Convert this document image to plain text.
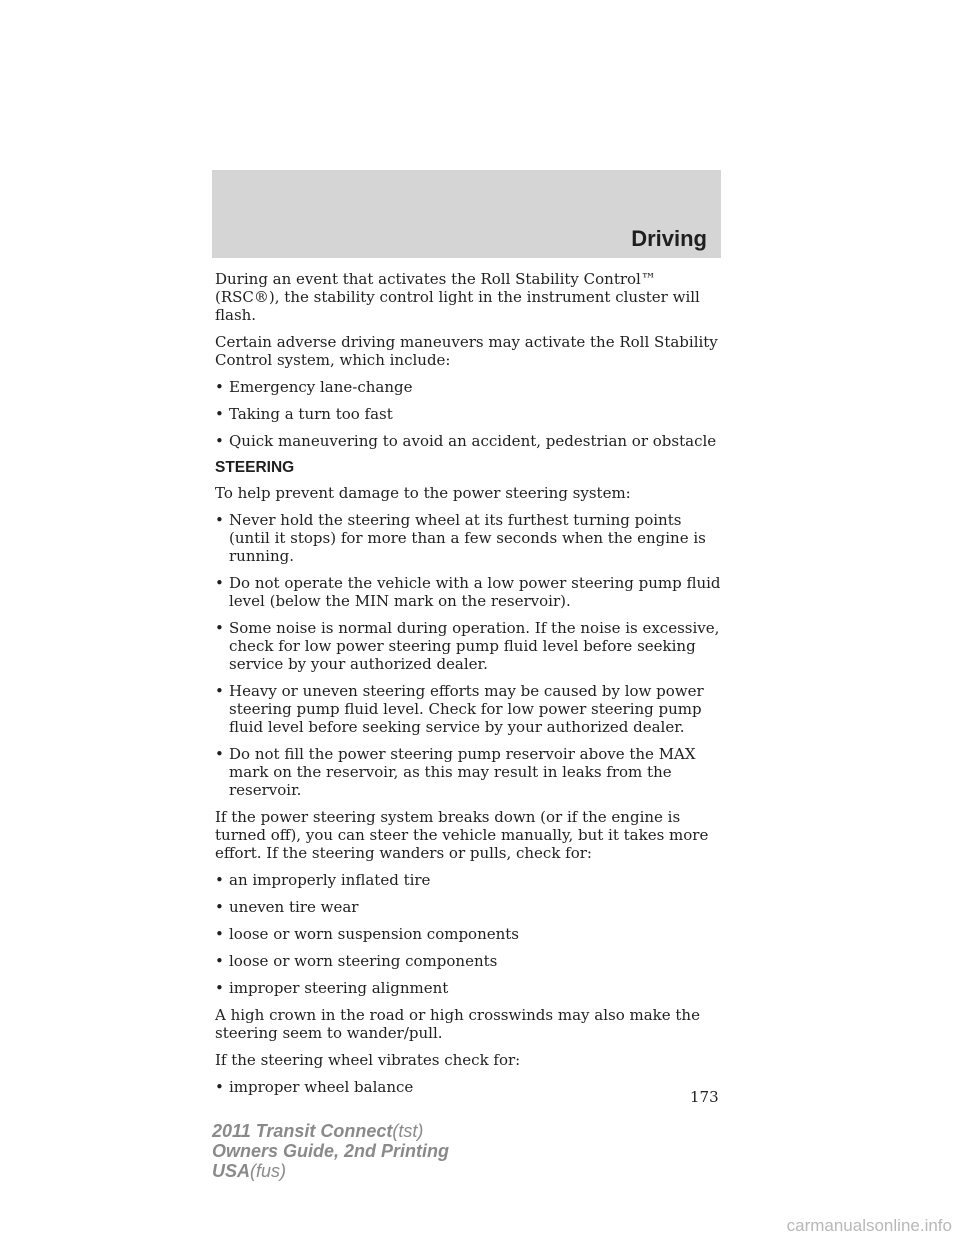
Driving

During an event that activates the Roll Stability Control™ (RSC®), the stability control light in the instrument cluster will flash.

Certain adverse driving maneuvers may activate the Roll Stability Control system, which include:

• Emergency lane-change
• Taking a turn too fast
• Quick maneuvering to avoid an accident, pedestrian or obstacle
STEERING

To help prevent damage to the power steering system:

• Never hold the steering wheel at its furthest turning points (until it stops) for more than a few seconds when the engine is running.
• Do not operate the vehicle with a low power steering pump fluid level (below the MIN mark on the reservoir).
• Some noise is normal during operation. If the noise is excessive, check for low power steering pump fluid level before seeking service by your authorized dealer.
• Heavy or uneven steering efforts may be caused by low power steering pump fluid level. Check for low power steering pump fluid level before seeking service by your authorized dealer.
• Do not fill the power steering pump reservoir above the MAX mark on the reservoir, as this may result in leaks from the reservoir.

If the power steering system breaks down (or if the engine is turned off), you can steer the vehicle manually, but it takes more effort. If the steering wanders or pulls, check for:

• an improperly inflated tire
• uneven tire wear
• loose or worn suspension components
• loose or worn steering components
• improper steering alignment

A high crown in the road or high crosswinds may also make the steering seem to wander/pull.

If the steering wheel vibrates check for:

• improper wheel balance
173
2011 Transit Connect(tst)
Owners Guide, 2nd Printing
USA(fus)
carmanualsonline.info
